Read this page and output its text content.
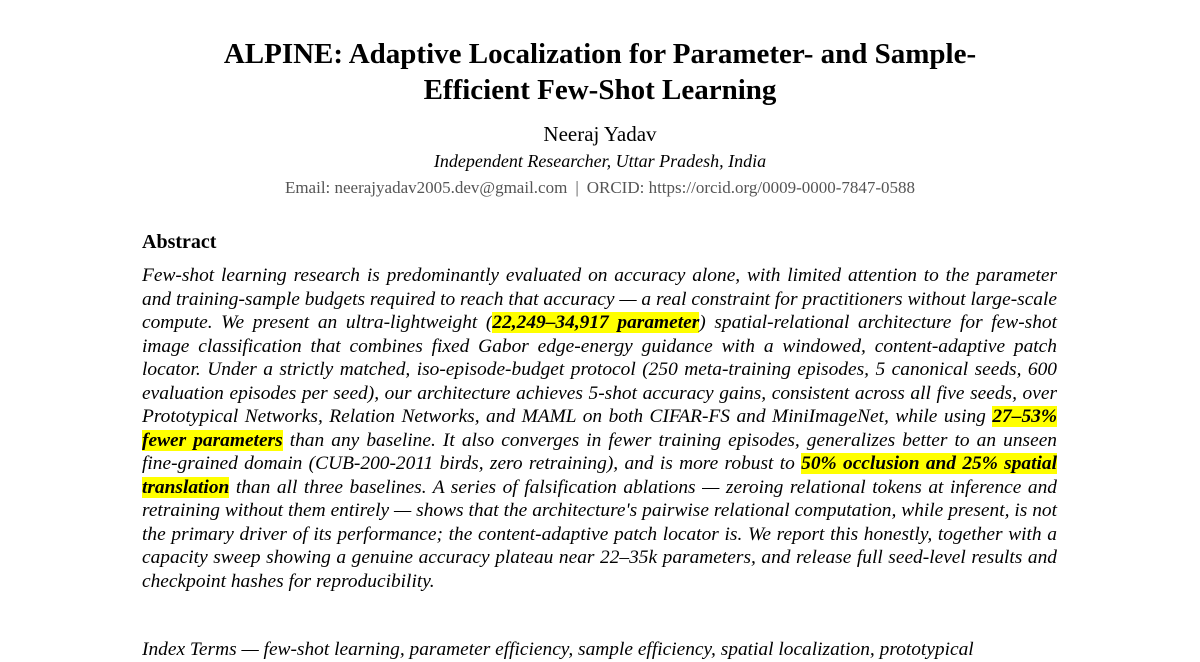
ALPINE: Adaptive Localization for Parameter- and Sample-
Efficient Few-Shot Learning

Neeraj Yadav

Independent Researcher, Uttar Pradesh, India

Email: neerajyadav2005.dev@gmail.com | ORCID: https://orcid.org/0009-0000-7847-0588

Abstract

Few-shot learning research is predominantly evaluated on accuracy alone, with limited attention to the parameter and training-sample budgets required to reach that accuracy — a real constraint for practitioners without large-scale compute. We present an ultra-lightweight (22,249–34,917 parameter) spatial-relational architecture for few-shot image classification that combines fixed Gabor edge-energy guidance with a windowed, content-adaptive patch locator. Under a strictly matched, iso-episode-budget protocol (250 meta-training episodes, 5 canonical seeds, 600 evaluation episodes per seed), our architecture achieves 5-shot accuracy gains, consistent across all five seeds, over Prototypical Networks, Relation Networks, and MAML on both CIFAR-FS and MiniImageNet, while using 27–53% fewer parameters than any baseline. It also converges in fewer training episodes, generalizes better to an unseen fine-grained domain (CUB-200-2011 birds, zero retraining), and is more robust to 50% occlusion and 25% spatial translation than all three baselines. A series of falsification ablations — zeroing relational tokens at inference and retraining without them entirely — shows that the architecture's pairwise relational computation, while present, is not the primary driver of its performance; the content-adaptive patch locator is. We report this honestly, together with a capacity sweep showing a genuine accuracy plateau near 22–35k parameters, and release full seed-level results and checkpoint hashes for reproducibility.

Index Terms — few-shot learning, parameter efficiency, sample efficiency, spatial localization, prototypical
